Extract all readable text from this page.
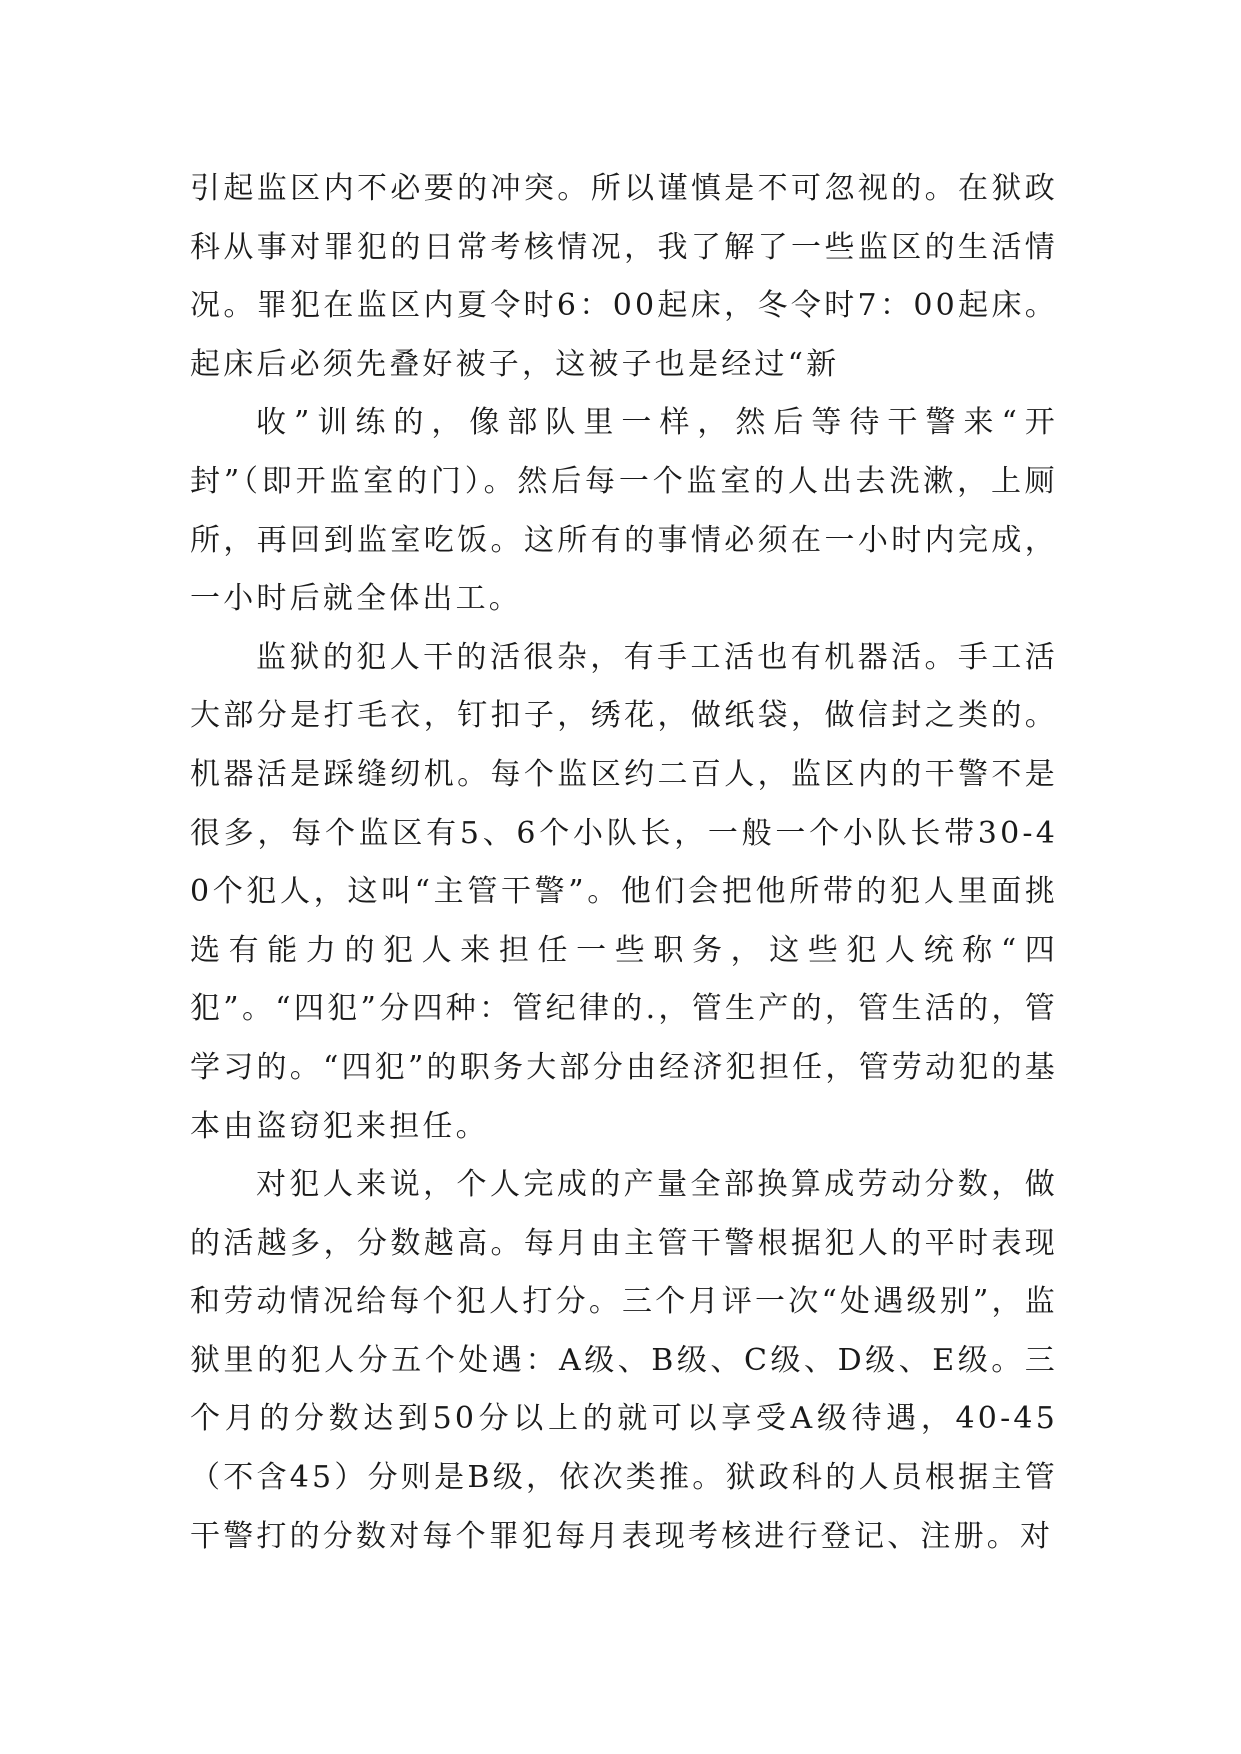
引起监区内不必要的冲突。所以谨慎是不可忽视的。在狱政科从事对罪犯的日常考核情况，我了解了一些监区的生活情况。罪犯在监区内夏令时6：00起床，冬令时7：00起床。起床后必须先叠好被子，这被子也是经过“新

收”训练的，像部队里一样，然后等待干警来“开封”（即开监室的门）。然后每一个监室的人出去洗漱，上厕所，再回到监室吃饭。这所有的事情必须在一小时内完成，一小时后就全体出工。

监狱的犯人干的活很杂，有手工活也有机器活。手工活大部分是打毛衣，钉扣子，绣花，做纸袋，做信封之类的。机器活是踩缝纫机。每个监区约二百人，监区内的干警不是很多，每个监区有5、6个小队长，一般一个小队长带30-40个犯人，这叫“主管干警”。他们会把他所带的犯人里面挑选有能力的犯人来担任一些职务，这些犯人统称“四犯”。“四犯”分四种：管纪律的.，管生产的，管生活的，管学习的。“四犯”的职务大部分由经济犯担任，管劳动犯的基本由盗窃犯来担任。

对犯人来说，个人完成的产量全部换算成劳动分数，做的活越多，分数越高。每月由主管干警根据犯人的平时表现和劳动情况给每个犯人打分。三个月评一次“处遇级别”，监狱里的犯人分五个处遇：A级、B级、C级、D级、E级。三个月的分数达到50分以上的就可以享受A级待遇，40-45（不含45）分则是B级，依次类推。狱政科的人员根据主管干警打的分数对每个罪犯每月表现考核进行登记、注册。对
